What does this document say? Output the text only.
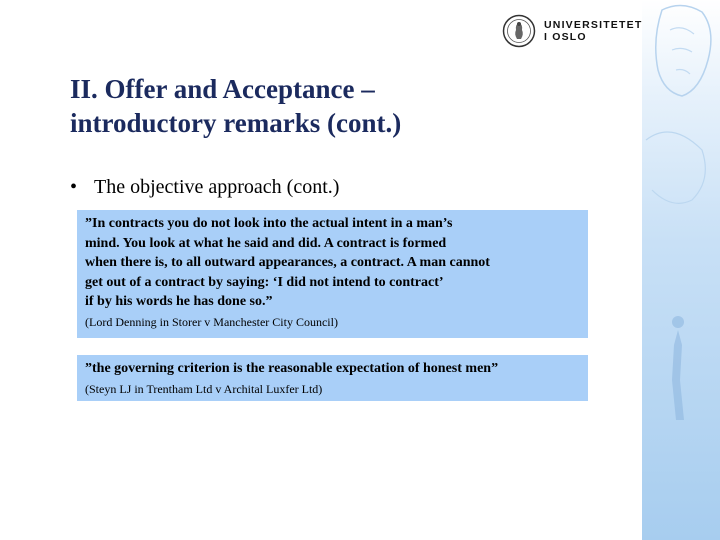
UNIVERSITETET
I OSLO
II. Offer and Acceptance –
introductory remarks (cont.)
• The objective approach (cont.)
”In contracts you do not look into the actual intent in a man’s
mind. You look at what he said and did. A contract is formed
when there is, to all outward appearances, a contract. A man cannot
get out of a contract by saying: ‘I did not intend to contract’
if by his words he has done so.”
(Lord Denning in Storer v Manchester City Council)
”the governing criterion is the reasonable expectation of honest men”
(Steyn LJ in Trentham Ltd v Archital Luxfer Ltd)
